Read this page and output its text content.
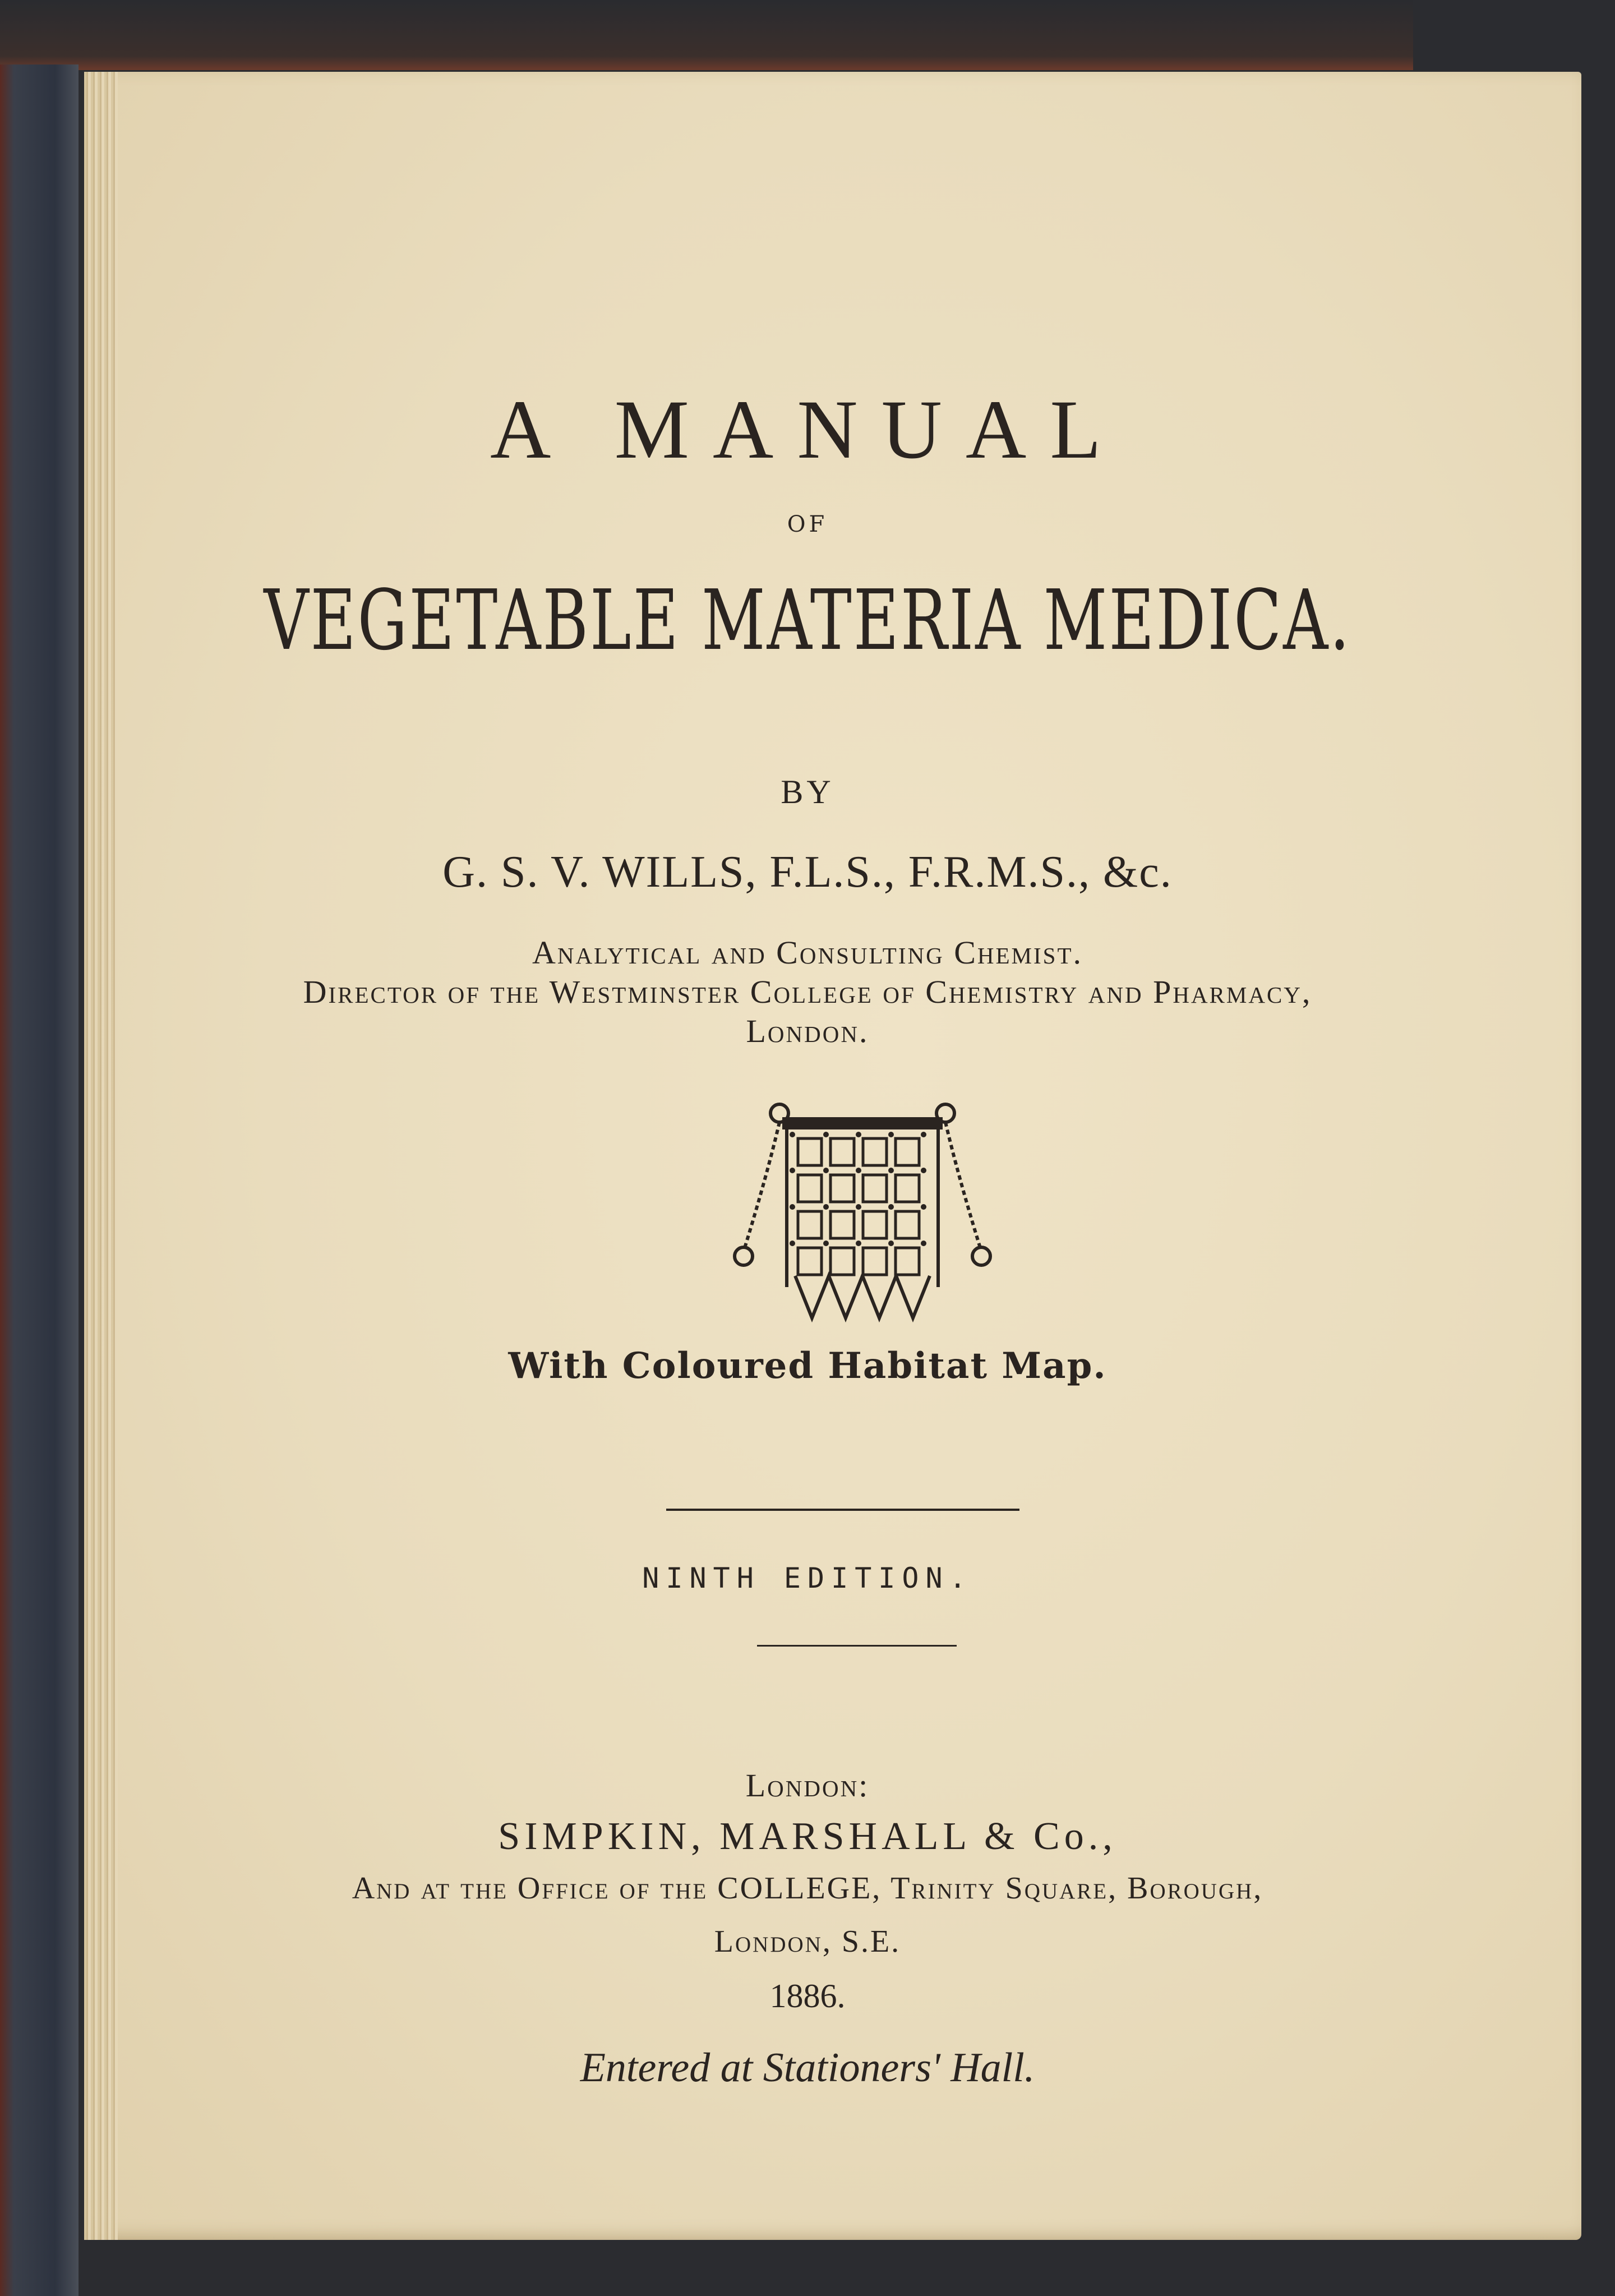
A MANUAL
OF
VEGETABLE MATERIA MEDICA.
BY
G. S. V. WILLS, F.L.S., F.R.M.S., &c.
Analytical and Consulting Chemist.
Director of the Westminster College of Chemistry and Pharmacy,
London.
With Coloured Habitat Map.
NINTH EDITION.
London:
SIMPKIN, MARSHALL & Co.,
And at the Office of the COLLEGE, Trinity Square, Borough,
London, S.E.
1886.
Entered at Stationers' Hall.
